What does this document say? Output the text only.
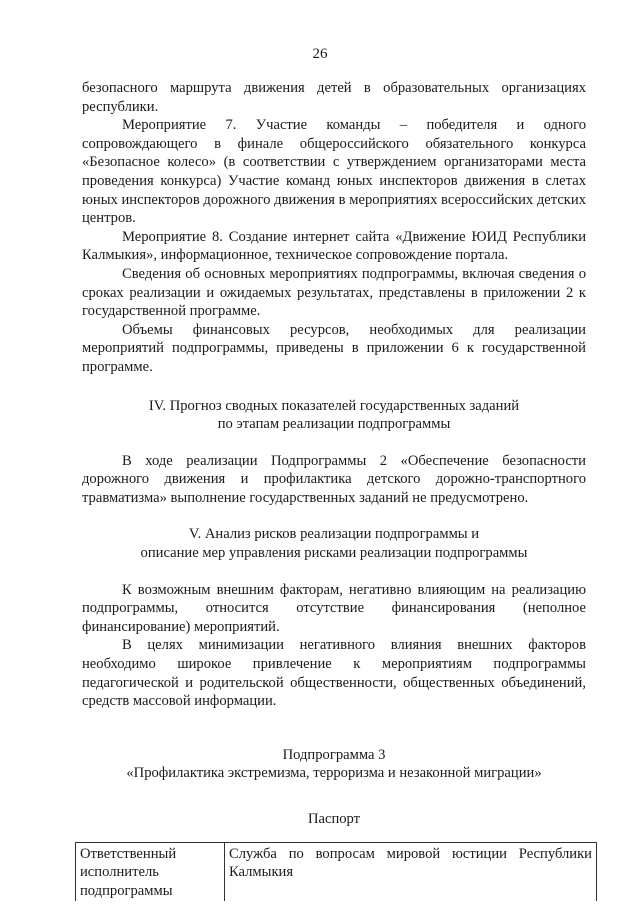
26

безопасного маршрута движения детей в образовательных организациях республики.

Мероприятие 7. Участие команды – победителя и одного сопровождающего в финале общероссийского обязательного конкурса «Безопасное колесо» (в соответствии с утверждением организаторами места проведения конкурса) Участие команд юных инспекторов движения в слетах юных инспекторов дорожного движения в мероприятиях всероссийских детских центров.

Мероприятие 8. Создание интернет сайта «Движение ЮИД Республики Калмыкия», информационное, техническое сопровождение портала.

Сведения об основных мероприятиях подпрограммы, включая сведения о сроках реализации и ожидаемых результатах, представлены в приложении 2 к государственной программе.

Объемы финансовых ресурсов, необходимых для реализации мероприятий подпрограммы, приведены в приложении 6 к государственной программе.

IV. Прогноз сводных показателей государственных заданий

по этапам реализации подпрограммы

В ходе реализации Подпрограммы 2 «Обеспечение безопасности дорожного движения и профилактика детского дорожно-транспортного травматизма» выполнение государственных заданий не предусмотрено.

V. Анализ рисков реализации подпрограммы и

описание мер управления рисками реализации подпрограммы

К возможным внешним факторам, негативно влияющим на реализацию подпрограммы, относится отсутствие финансирования (неполное финансирование) мероприятий.

В целях минимизации негативного влияния внешних факторов необходимо широкое привлечение к мероприятиям подпрограммы педагогической и родительской общественности, общественных объединений, средств массовой информации.

Подпрограмма 3

«Профилактика экстремизма, терроризма и незаконной миграции»

Паспорт

Ответственный исполнитель подпрограммы	Служба по вопросам мировой юстиции Республики Калмыкия
